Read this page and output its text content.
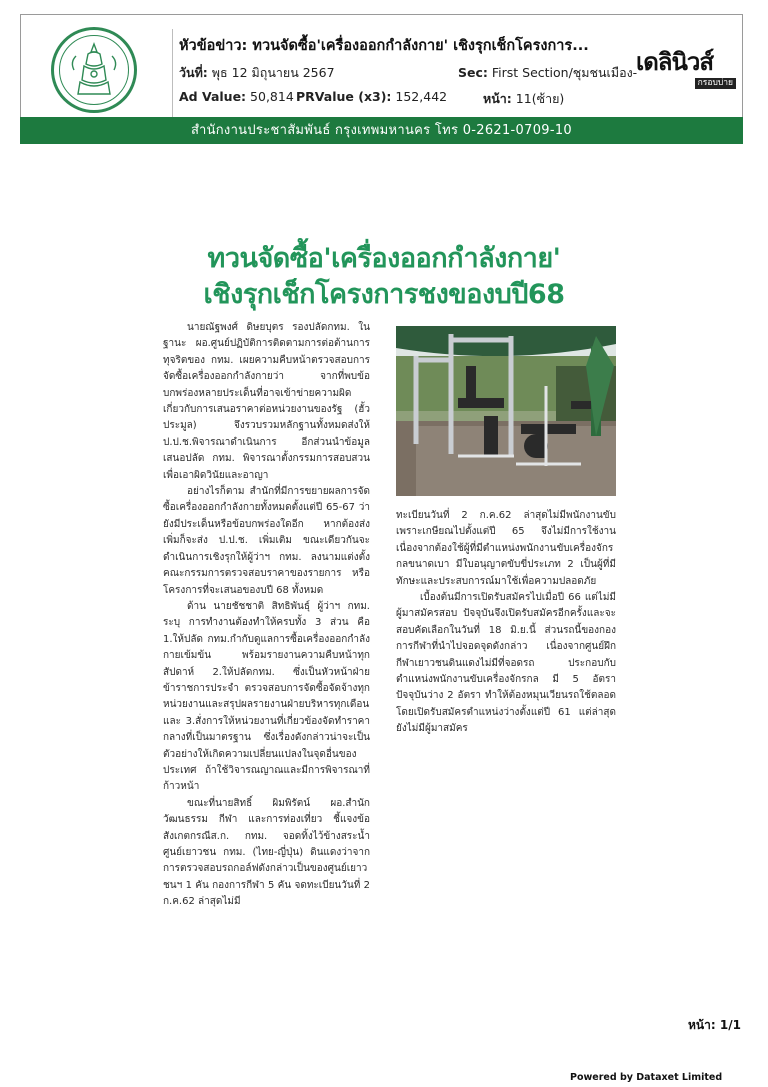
หัวข้อข่าว: ทวนจัดซื้อ'เครื่องออกกำลังกาย' เชิงรุกเช็กโครงการ...
วันที่: พุธ 12 มิถุนายน 2567	Sec: First Section/ชุมชนเมือง-
Ad Value: 50,814 PRValue (x3): 152,442	หน้า: 11(ซ้าย)
เดลินิวส์
กรอบบ่าย
สำนักงานประชาสัมพันธ์ กรุงเทพมหานคร โทร 0-2621-0709-10
ทวนจัดซื้อ'เครื่องออกกำลังกาย'
เชิงรุกเช็กโครงการชงของบปี68

นายณัฐพงศ์ ดิษยบุตร รองปลัดกทม. ในฐานะ ผอ.ศูนย์ปฏิบัติการติดตามการต่อต้านการทุจริตของ กทม. เผยความคืบหน้าตรวจสอบการจัดซื้อเครื่องออกกำลังกายว่า จากที่พบข้อบกพร่องหลายประเด็นที่อาจเข้าข่ายความผิดเกี่ยวกับการเสนอราคาต่อหน่วยงานของรัฐ (ฮั้วประมูล) จึงรวบรวมหลักฐานทั้งหมดส่งให้ ป.ป.ช.พิจารณาดำเนินการ อีกส่วนนำข้อมูลเสนอปลัด กทม. พิจารณาตั้งกรรมการสอบสวนเพื่อเอาผิดวินัยและอาญา

อย่างไรก็ตาม สำนักที่มีการขยายผลการจัดซื้อเครื่องออกกำลังกายทั้งหมดตั้งแต่ปี 65-67 ว่ายังมีประเด็นหรือข้อบกพร่องใดอีก หากต้องส่งเพิ่มก็จะส่ง ป.ป.ช. เพิ่มเติม ขณะเดียวกันจะดำเนินการเชิงรุกให้ผู้ว่าฯ กทม. ลงนามแต่งตั้งคณะกรรมการตรวจสอบราคาของรายการ หรือโครงการที่จะเสนอของบปี 68 ทั้งหมด

ด้าน นายชัชชาติ สิทธิพันธุ์ ผู้ว่าฯ กทม. ระบุ การทำงานต้องทำให้ครบทั้ง 3 ส่วน คือ 1.ให้ปลัด กทม.กำกับดูแลการซื้อเครื่องออกกำลังกายเข้มข้น พร้อมรายงานความคืบหน้าทุกสัปดาห์ 2.ให้ปลัดกทม. ซึ่งเป็นหัวหน้าฝ่ายข้าราชการประจำ ตรวจสอบการจัดซื้อจัดจ้างทุกหน่วยงานและสรุปผลรายงานฝ่ายบริหารทุกเดือน และ 3.สั่งการให้หน่วยงานที่เกี่ยวข้องจัดทำราคากลางที่เป็นมาตรฐาน ซึ่งเรื่องดังกล่าวน่าจะเป็นตัวอย่างให้เกิดความเปลี่ยนแปลงในจุดอื่นของประเทศ ถ้าใช้วิจารณญาณและมีการพิจารณาที่ก้าวหน้า

ขณะที่นายสิทธิ์ ผิมพิรัตน์ ผอ.สำนักวัฒนธรรม กีฬา และการท่องเที่ยว ชี้แจงข้อสังเกตกรณีส.ก. กทม. จอดทิ้งไว้ข้างสระน้ำศูนย์เยาวชน กทม. (ไทย-ญี่ปุ่น) ดินแดงว่าจากการตรวจสอบรถกอล์ฟดังกล่าวเป็นของศูนย์เยาวชนฯ 1 คัน กองการกีฬา 5 คัน จดทะเบียนวันที่ 2 ก.ค.62 ล่าสุดไม่มี

ทะเบียนวันที่ 2 ก.ค.62 ล่าสุดไม่มีพนักงานขับเพราะเกษียณไปตั้งแต่ปี 65 จึงไม่มีการใช้งาน เนื่องจากต้องใช้ผู้ที่มีตำแหน่งพนักงานขับเครื่องจักรกลขนาดเบา มีใบอนุญาตขับขี่ประเภท 2 เป็นผู้ที่มีทักษะและประสบการณ์มาใช้เพื่อความปลอดภัย

เบื้องต้นมีการเปิดรับสมัครไปเมื่อปี 66 แต่ไม่มีผู้มาสมัครสอบ ปัจจุบันจึงเปิดรับสมัครอีกครั้งและจะสอบคัดเลือกในวันที่ 18 มิ.ย.นี้ ส่วนรถนี้ของกองการกีฬาที่นำไปจอดจุดดังกล่าว เนื่องจากศูนย์ฝึกกีฬาเยาวชนดินแดงไม่มีที่จอดรถ ประกอบกับตำแหน่งพนักงานขับเครื่องจักรกล มี 5 อัตรา ปัจจุบันว่าง 2 อัตรา ทำให้ต้องหมุนเวียนรถใช้ตลอด โดยเปิดรับสมัครตำแหน่งว่างตั้งแต่ปี 61 แต่ล่าสุดยังไม่มีผู้มาสมัคร

หน้า: 1/1
Powered by Dataxet Limited
